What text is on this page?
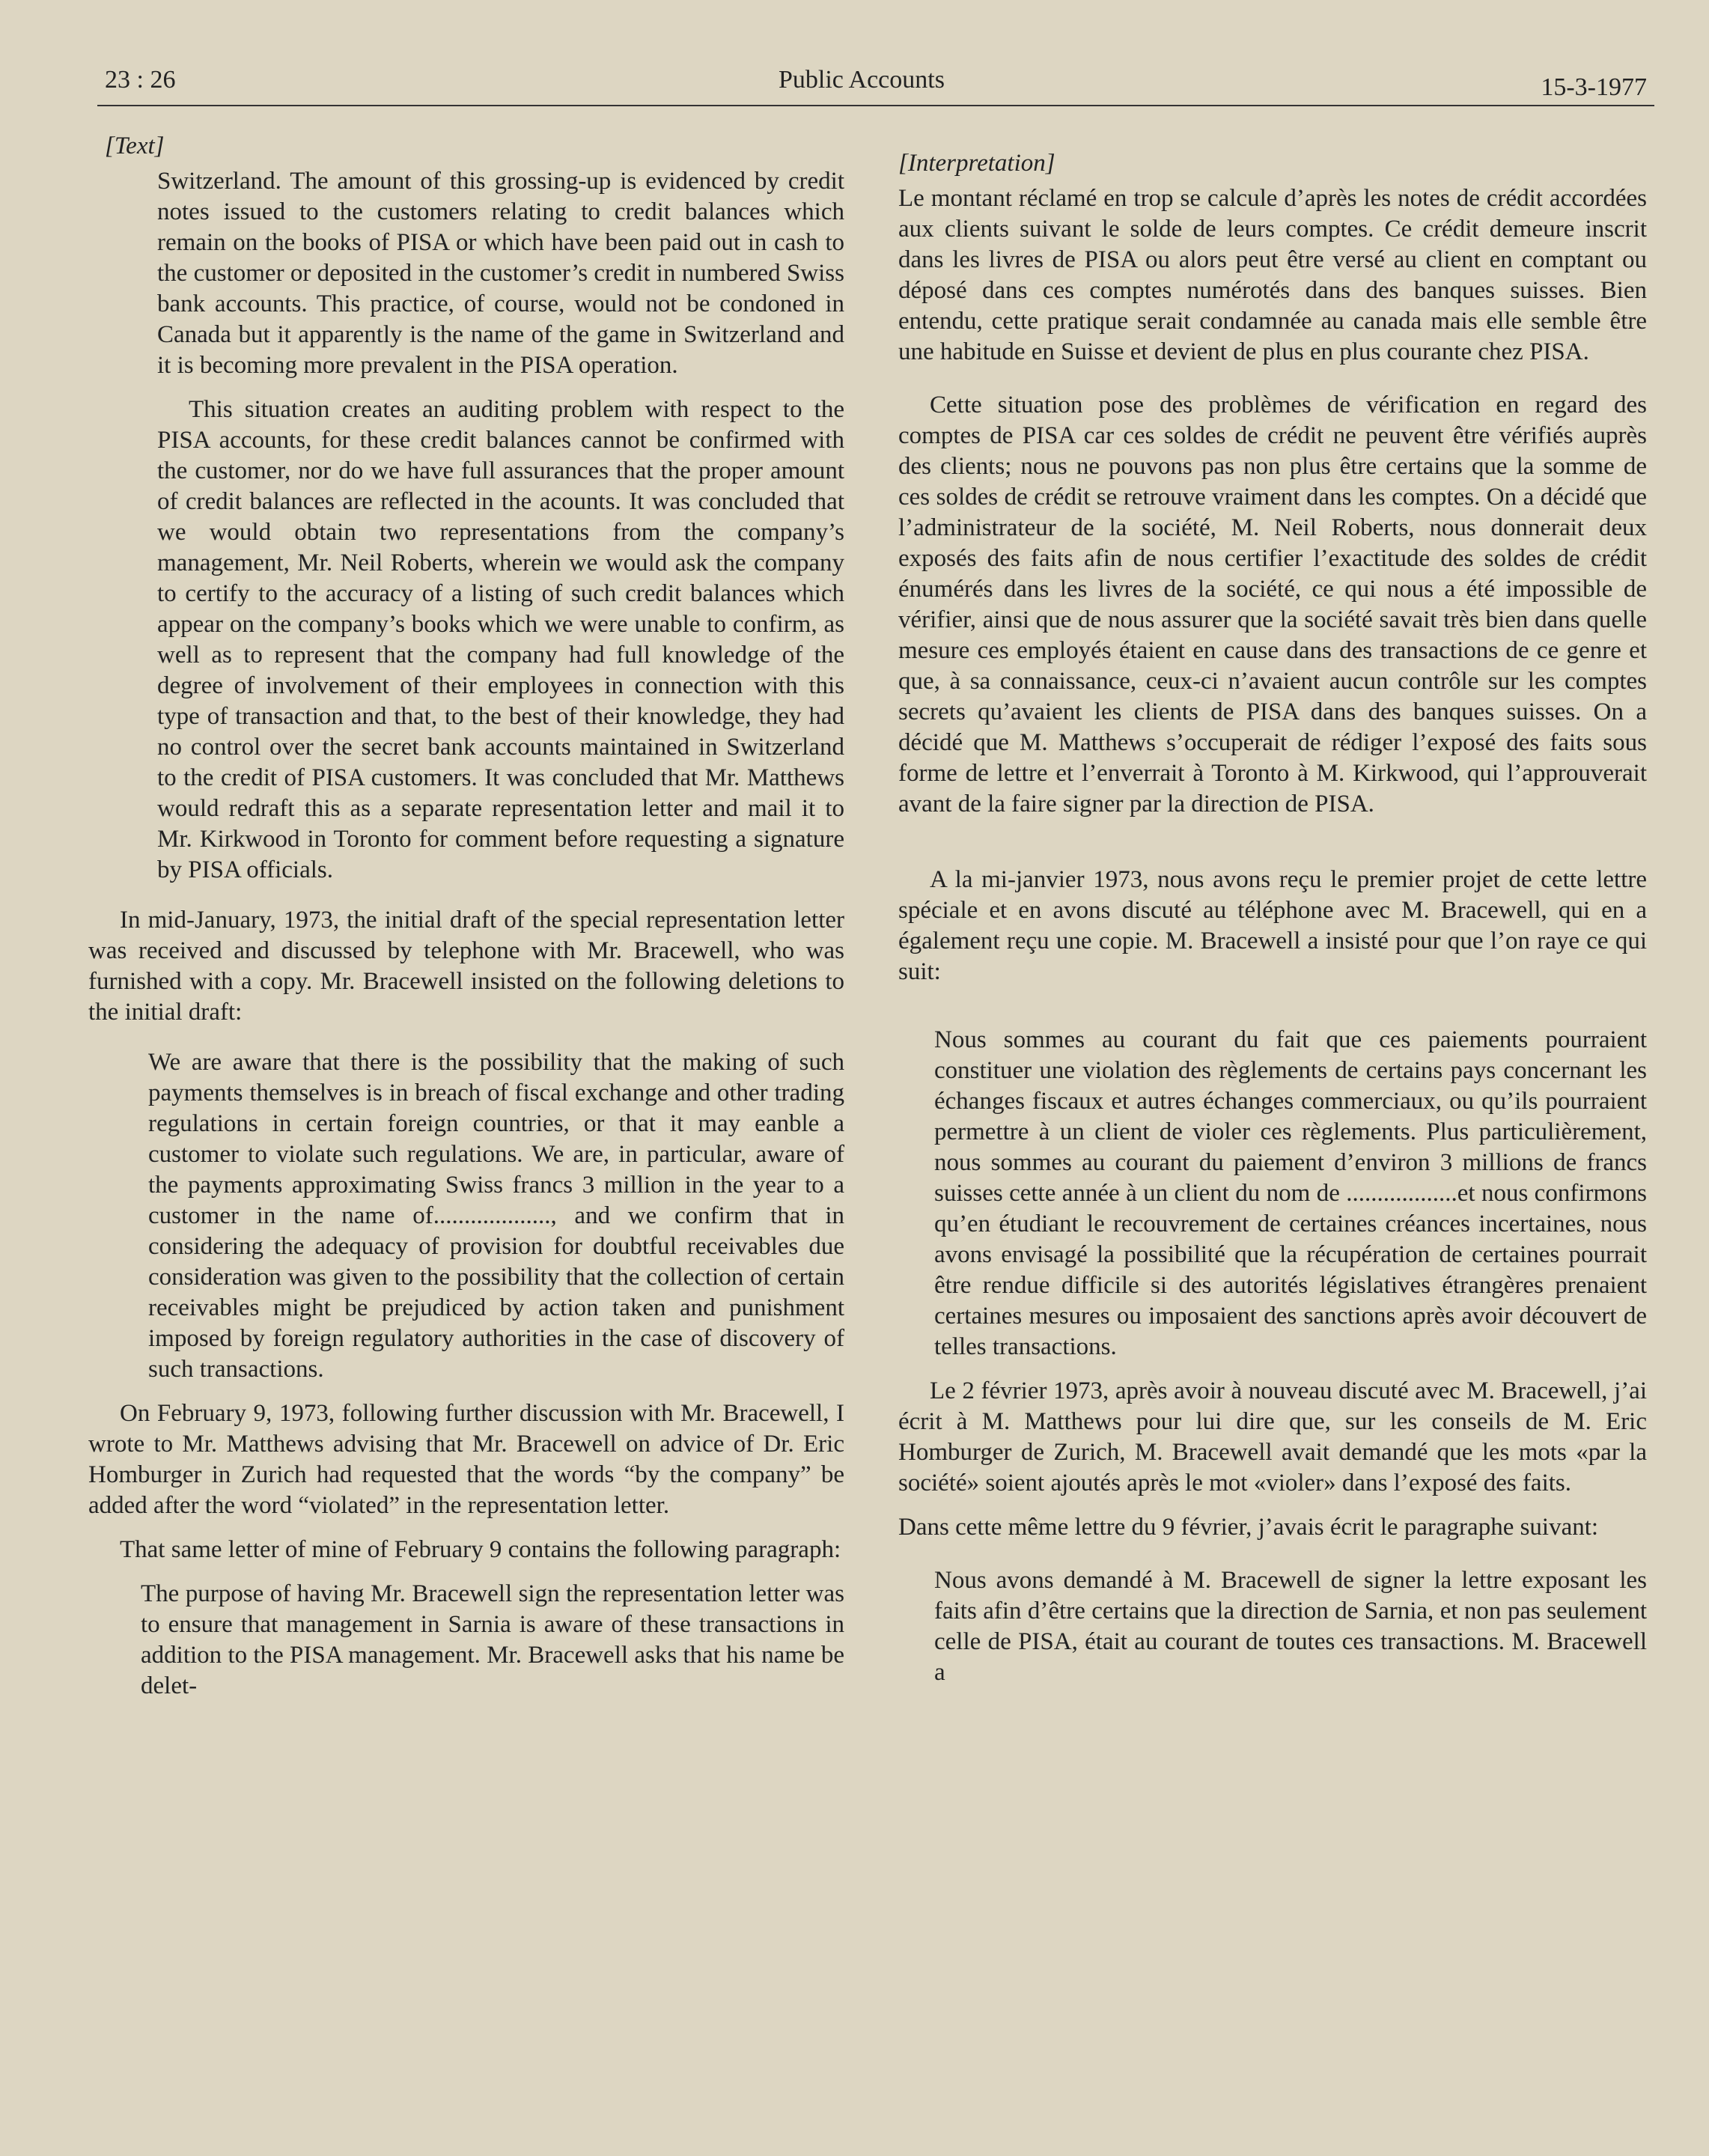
23 : 26	Public Accounts	15-3-1977

[Text]

Switzerland. The amount of this grossing-up is evidenced by credit notes issued to the customers relating to credit balances which remain on the books of PISA or which have been paid out in cash to the customer or deposited in the customer’s credit in numbered Swiss bank accounts. This practice, of course, would not be condoned in Canada but it apparently is the name of the game in Switzerland and it is becoming more prevalent in the PISA operation.

This situation creates an auditing problem with respect to the PISA accounts, for these credit balances cannot be confirmed with the customer, nor do we have full assurances that the proper amount of credit balances are reflected in the acounts. It was concluded that we would obtain two representations from the company’s management, Mr. Neil Roberts, wherein we would ask the company to certify to the accuracy of a listing of such credit balances which appear on the company’s books which we were unable to confirm, as well as to represent that the company had full knowledge of the degree of involvement of their employees in connection with this type of transaction and that, to the best of their knowledge, they had no control over the secret bank accounts maintained in Switzerland to the credit of PISA customers. It was concluded that Mr. Matthews would redraft this as a separate representation letter and mail it to Mr. Kirkwood in Toronto for comment before requesting a signature by PISA officials.

In mid-January, 1973, the initial draft of the special representation letter was received and discussed by telephone with Mr. Bracewell, who was furnished with a copy. Mr. Bracewell insisted on the following deletions to the initial draft:

We are aware that there is the possibility that the making of such payments themselves is in breach of fiscal exchange and other trading regulations in certain foreign countries, or that it may eanble a customer to violate such regulations. We are, in particular, aware of the payments approximating Swiss francs 3 million in the year to a customer in the name of..................., and we confirm that in considering the adequacy of provision for doubtful receivables due consideration was given to the possibility that the collection of certain receivables might be prejudiced by action taken and punishment imposed by foreign regulatory authorities in the case of discovery of such transactions.

On February 9, 1973, following further discussion with Mr. Bracewell, I wrote to Mr. Matthews advising that Mr. Bracewell on advice of Dr. Eric Homburger in Zurich had requested that the words “by the company” be added after the word “violated” in the representation letter.

That same letter of mine of February 9 contains the following paragraph:

The purpose of having Mr. Bracewell sign the representation letter was to ensure that management in Sarnia is aware of these transactions in addition to the PISA management. Mr. Bracewell asks that his name be delet-

[Interpretation]

Le montant réclamé en trop se calcule d’après les notes de crédit accordées aux clients suivant le solde de leurs comptes. Ce crédit demeure inscrit dans les livres de PISA ou alors peut être versé au client en comptant ou déposé dans ces comptes numérotés dans des banques suisses. Bien entendu, cette pratique serait condamnée au canada mais elle semble être une habitude en Suisse et devient de plus en plus courante chez PISA.

Cette situation pose des problèmes de vérification en regard des comptes de PISA car ces soldes de crédit ne peuvent être vérifiés auprès des clients; nous ne pouvons pas non plus être certains que la somme de ces soldes de crédit se retrouve vraiment dans les comptes. On a décidé que l’administrateur de la société, M. Neil Roberts, nous donnerait deux exposés des faits afin de nous certifier l’exactitude des soldes de crédit énumérés dans les livres de la société, ce qui nous a été impossible de vérifier, ainsi que de nous assurer que la société savait très bien dans quelle mesure ces employés étaient en cause dans des transactions de ce genre et que, à sa connaissance, ceux-ci n’avaient aucun contrôle sur les comptes secrets qu’avaient les clients de PISA dans des banques suisses. On a décidé que M. Matthews s’occuperait de rédiger l’exposé des faits sous forme de lettre et l’enverrait à Toronto à M. Kirkwood, qui l’approuverait avant de la faire signer par la direction de PISA.

A la mi-janvier 1973, nous avons reçu le premier projet de cette lettre spéciale et en avons discuté au téléphone avec M. Bracewell, qui en a également reçu une copie. M. Bracewell a insisté pour que l’on raye ce qui suit:

Nous sommes au courant du fait que ces paiements pourraient constituer une violation des règlements de certains pays concernant les échanges fiscaux et autres échanges commerciaux, ou qu’ils pourraient permettre à un client de violer ces règlements. Plus particulièrement, nous sommes au courant du paiement d’environ 3 millions de francs suisses cette année à un client du nom de ..................et nous confirmons qu’en étudiant le recouvrement de certaines créances incertaines, nous avons envisagé la possibilité que la récupération de certaines pourrait être rendue difficile si des autorités législatives étrangères prenaient certaines mesures ou imposaient des sanctions après avoir découvert de telles transactions.

Le 2 février 1973, après avoir à nouveau discuté avec M. Bracewell, j’ai écrit à M. Matthews pour lui dire que, sur les conseils de M. Eric Homburger de Zurich, M. Bracewell avait demandé que les mots «par la société» soient ajoutés après le mot «violer» dans l’exposé des faits.

Dans cette même lettre du 9 février, j’avais écrit le paragraphe suivant:

Nous avons demandé à M. Bracewell de signer la lettre exposant les faits afin d’être certains que la direction de Sarnia, et non pas seulement celle de PISA, était au courant de toutes ces transactions. M. Bracewell a
